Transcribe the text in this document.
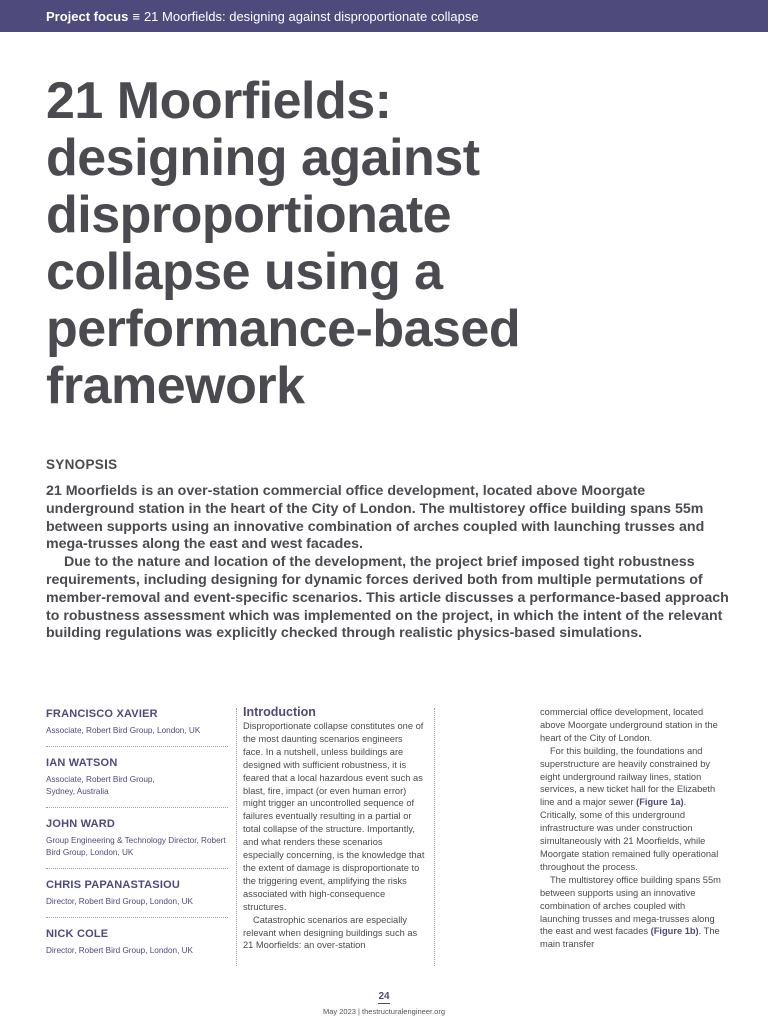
Project focus ≡ 21 Moorfields: designing against disproportionate collapse
21 Moorfields:
designing against
disproportionate
collapse using a
performance-based
framework
SYNOPSIS

21 Moorfields is an over-station commercial office development, located above Moorgate underground station in the heart of the City of London. The multistorey office building spans 55m between supports using an innovative combination of arches coupled with launching trusses and mega-trusses along the east and west facades.

Due to the nature and location of the development, the project brief imposed tight robustness requirements, including designing for dynamic forces derived both from multiple permutations of member-removal and event-specific scenarios. This article discusses a performance-based approach to robustness assessment which was implemented on the project, in which the intent of the relevant building regulations was explicitly checked through realistic physics-based simulations.

FRANCISCO XAVIER
Associate, Robert Bird Group, London, UK
IAN WATSON
Associate, Robert Bird Group, Sydney, Australia
JOHN WARD
Group Engineering & Technology Director, Robert Bird Group, London, UK
CHRIS PAPANASTASIOU
Director, Robert Bird Group, London, UK
NICK COLE
Director, Robert Bird Group, London, UK
Introduction

Disproportionate collapse constitutes one of the most daunting scenarios engineers face. In a nutshell, unless buildings are designed with sufficient robustness, it is feared that a local hazardous event such as blast, fire, impact (or even human error) might trigger an uncontrolled sequence of failures eventually resulting in a partial or total collapse of the structure. Importantly, and what renders these scenarios especially concerning, is the knowledge that the extent of damage is disproportionate to the triggering event, amplifying the risks associated with high-consequence structures.

Catastrophic scenarios are especially relevant when designing buildings such as 21 Moorfields: an over-station

commercial office development, located above Moorgate underground station in the heart of the City of London.

For this building, the foundations and superstructure are heavily constrained by eight underground railway lines, station services, a new ticket hall for the Elizabeth line and a major sewer (Figure 1a). Critically, some of this underground infrastructure was under construction simultaneously with 21 Moorfields, while Moorgate station remained fully operational throughout the process.

The multistorey office building spans 55m between supports using an innovative combination of arches coupled with launching trusses and mega-trusses along the east and west facades (Figure 1b). The main transfer

24
May 2023 | thestructuralengineer.org
